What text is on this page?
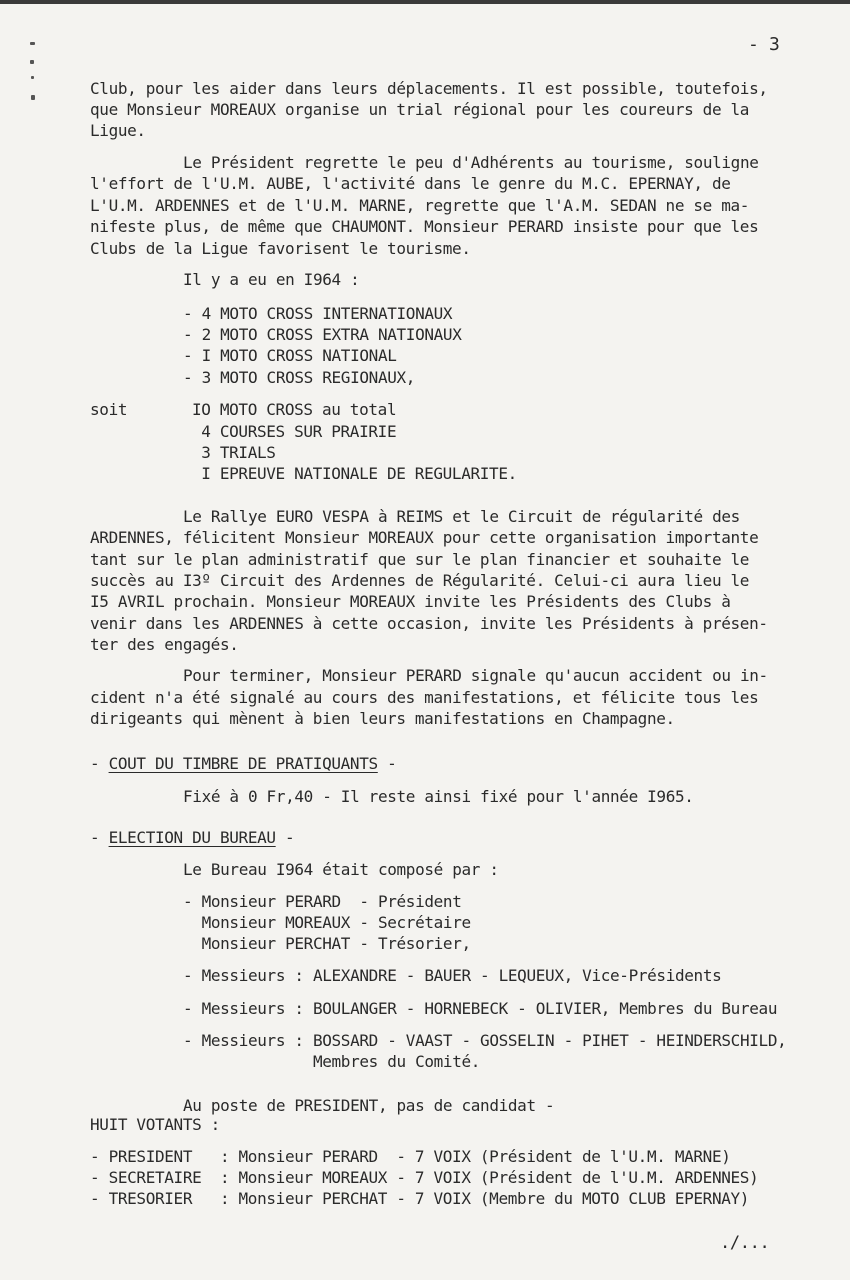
- 3
Club, pour les aider dans leurs déplacements. Il est possible, toutefois,
que Monsieur MOREAUX organise un trial régional pour les coureurs de la
Ligue.
Le Président regrette le peu d'Adhérents au tourisme, souligne
l'effort de l'U.M. AUBE, l'activité dans le genre du M.C. EPERNAY, de
L'U.M. ARDENNES et de l'U.M. MARNE, regrette que l'A.M. SEDAN ne se ma-
nifeste plus, de même que CHAUMONT. Monsieur PERARD insiste pour que les
Clubs de la Ligue favorisent le tourisme.
Il y a eu en I964 :
- 4 MOTO CROSS INTERNATIONAUX
- 2 MOTO CROSS EXTRA NATIONAUX
- I MOTO CROSS NATIONAL
- 3 MOTO CROSS REGIONAUX,
soit	IO MOTO CROSS au total
4 COURSES SUR PRAIRIE
3 TRIALS
I EPREUVE NATIONALE DE REGULARITE.
Le Rallye EURO VESPA à REIMS et le Circuit de régularité des
ARDENNES, félicitent Monsieur MOREAUX pour cette organisation importante
tant sur le plan administratif que sur le plan financier et souhaite le
succès au I3º Circuit des Ardennes de Régularité. Celui-ci aura lieu le
I5 AVRIL prochain. Monsieur MOREAUX invite les Présidents des Clubs à
venir dans les ARDENNES à cette occasion, invite les Présidents à présen-
ter des engagés.
Pour terminer, Monsieur PERARD signale qu'aucun accident ou in-
cident n'a été signalé au cours des manifestations, et félicite tous les
dirigeants qui mènent à bien leurs manifestations en Champagne.
- COUT DU TIMBRE DE PRATIQUANTS -
Fixé à 0 Fr,40 - Il reste ainsi fixé pour l'année I965.
- ELECTION DU BUREAU -
Le Bureau I964 était composé par :
- Monsieur PERARD  - Président
Monsieur MOREAUX - Secrétaire
Monsieur PERCHAT - Trésorier,
- Messieurs : ALEXANDRE - BAUER - LEQUEUX, Vice-Présidents
- Messieurs : BOULANGER - HORNEBECK - OLIVIER, Membres du Bureau
- Messieurs : BOSSARD - VAAST - GOSSELIN - PIHET - HEINDERSCHILD,
Membres du Comité.
Au poste de PRESIDENT, pas de candidat -
HUIT VOTANTS :
- PRESIDENT   : Monsieur PERARD  - 7 VOIX (Président de l'U.M. MARNE)
- SECRETAIRE  : Monsieur MOREAUX - 7 VOIX (Président de l'U.M. ARDENNES)
- TRESORIER   : Monsieur PERCHAT - 7 VOIX (Membre du MOTO CLUB EPERNAY)
./...
